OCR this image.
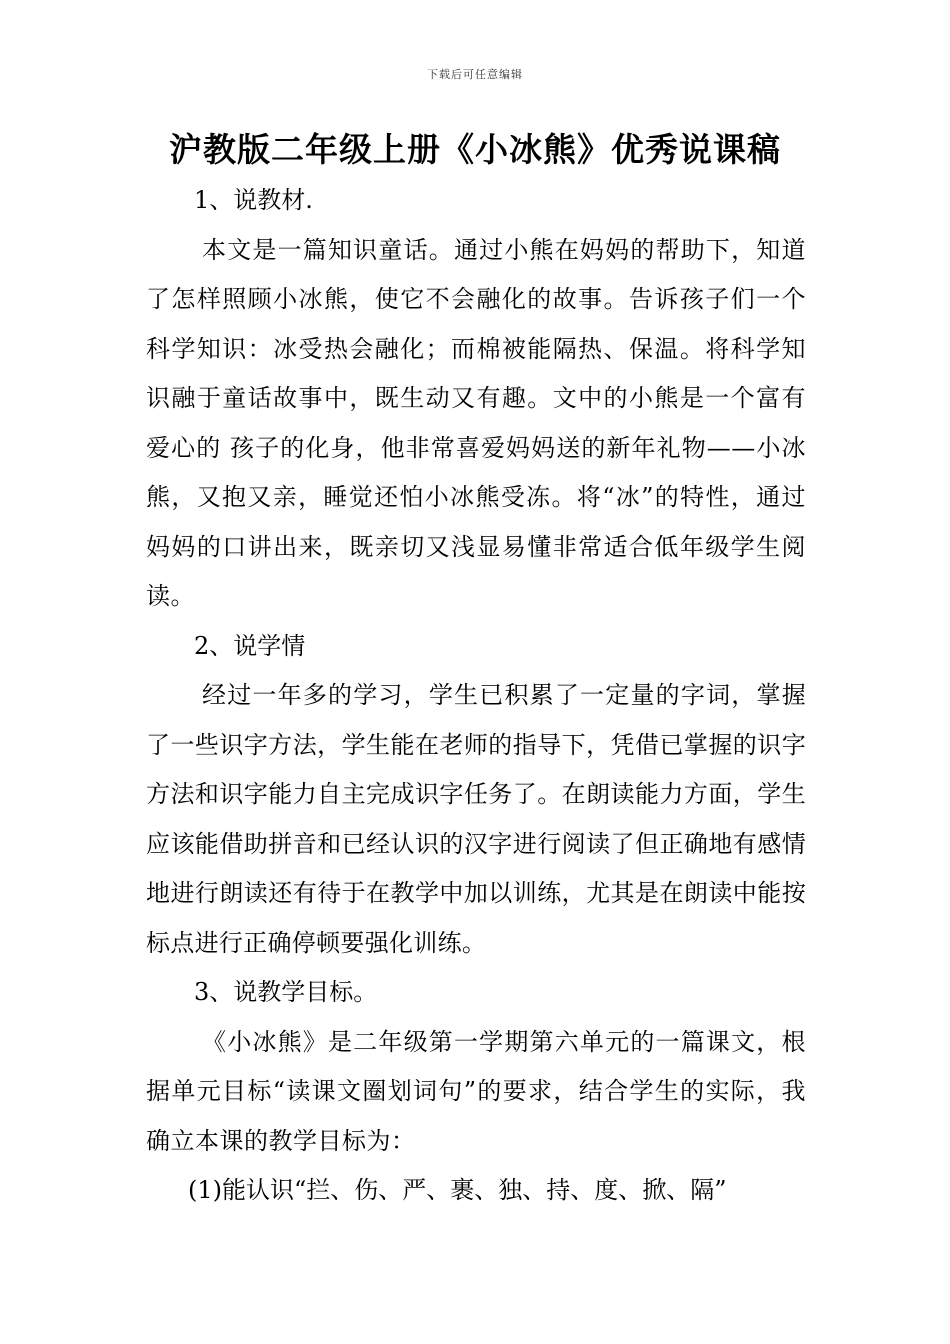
下载后可任意编辑
沪教版二年级上册《小冰熊》优秀说课稿

1、说教材.

本文是一篇知识童话。通过小熊在妈妈的帮助下，知道了怎样照顾小冰熊，使它不会融化的故事。告诉孩子们一个科学知识：冰受热会融化；而棉被能隔热、保温。将科学知识融于童话故事中，既生动又有趣。文中的小熊是一个富有爱心的 孩子的化身，他非常喜爱妈妈送的新年礼物——小冰熊，又抱又亲，睡觉还怕小冰熊受冻。将“冰”的特性，通过妈妈的口讲出来，既亲切又浅显易懂非常适合低年级学生阅读。

2、说学情

经过一年多的学习，学生已积累了一定量的字词，掌握了一些识字方法，学生能在老师的指导下，凭借已掌握的识字方法和识字能力自主完成识字任务了。在朗读能力方面，学生应该能借助拼音和已经认识的汉字进行阅读了但正确地有感情地进行朗读还有待于在教学中加以训练，尤其是在朗读中能按标点进行正确停顿要强化训练。

3、说教学目标。

《小冰熊》是二年级第一学期第六单元的一篇课文，根据单元目标“读课文圈划词句”的要求，结合学生的实际，我确立本课的教学目标为：

(1)能认识“拦、伤、严、裹、独、持、度、掀、隔”
